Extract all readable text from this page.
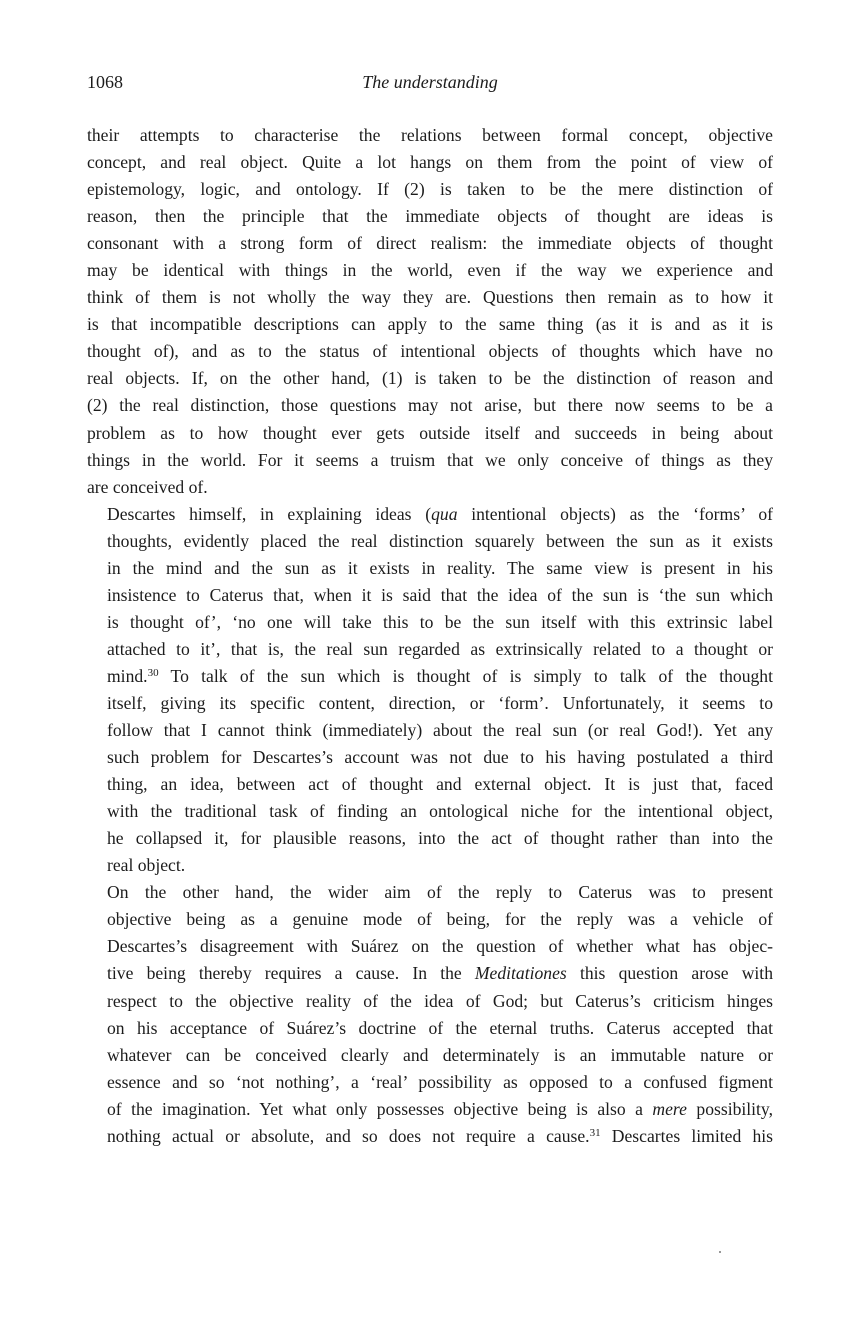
1068	The understanding

their attempts to characterise the relations between formal concept, objective
concept, and real object. Quite a lot hangs on them from the point of view of
epistemology, logic, and ontology. If (2) is taken to be the mere distinction of
reason, then the principle that the immediate objects of thought are ideas is
consonant with a strong form of direct realism: the immediate objects of thought
may be identical with things in the world, even if the way we experience and
think of them is not wholly the way they are. Questions then remain as to how it
is that incompatible descriptions can apply to the same thing (as it is and as it is
thought of), and as to the status of intentional objects of thoughts which have no
real objects. If, on the other hand, (1) is taken to be the distinction of reason and
(2) the real distinction, those questions may not arise, but there now seems to be a
problem as to how thought ever gets outside itself and succeeds in being about
things in the world. For it seems a truism that we only conceive of things as they
are conceived of.

Descartes himself, in explaining ideas (qua intentional objects) as the ‘forms’ of
thoughts, evidently placed the real distinction squarely between the sun as it exists
in the mind and the sun as it exists in reality. The same view is present in his
insistence to Caterus that, when it is said that the idea of the sun is ‘the sun which
is thought of’, ‘no one will take this to be the sun itself with this extrinsic label
attached to it’, that is, the real sun regarded as extrinsically related to a thought or
mind.$^{30}$ To talk of the sun which is thought of is simply to talk of the thought
itself, giving its specific content, direction, or ‘form’. Unfortunately, it seems to
follow that I cannot think (immediately) about the real sun (or real God!). Yet any
such problem for Descartes’s account was not due to his having postulated a third
thing, an idea, between act of thought and external object. It is just that, faced
with the traditional task of finding an ontological niche for the intentional object,
he collapsed it, for plausible reasons, into the act of thought rather than into the
real object.

On the other hand, the wider aim of the reply to Caterus was to present
objective being as a genuine mode of being, for the reply was a vehicle of
Descartes’s disagreement with Suárez on the question of whether what has objec-
tive being thereby requires a cause. In the Meditationes this question arose with
respect to the objective reality of the idea of God; but Caterus’s criticism hinges
on his acceptance of Suárez’s doctrine of the eternal truths. Caterus accepted that
whatever can be conceived clearly and determinately is an immutable nature or
essence and so ‘not nothing’, a ‘real’ possibility as opposed to a confused figment
of the imagination. Yet what only possesses objective being is also a mere possibility,
nothing actual or absolute, and so does not require a cause.$^{31}$ Descartes limited his
